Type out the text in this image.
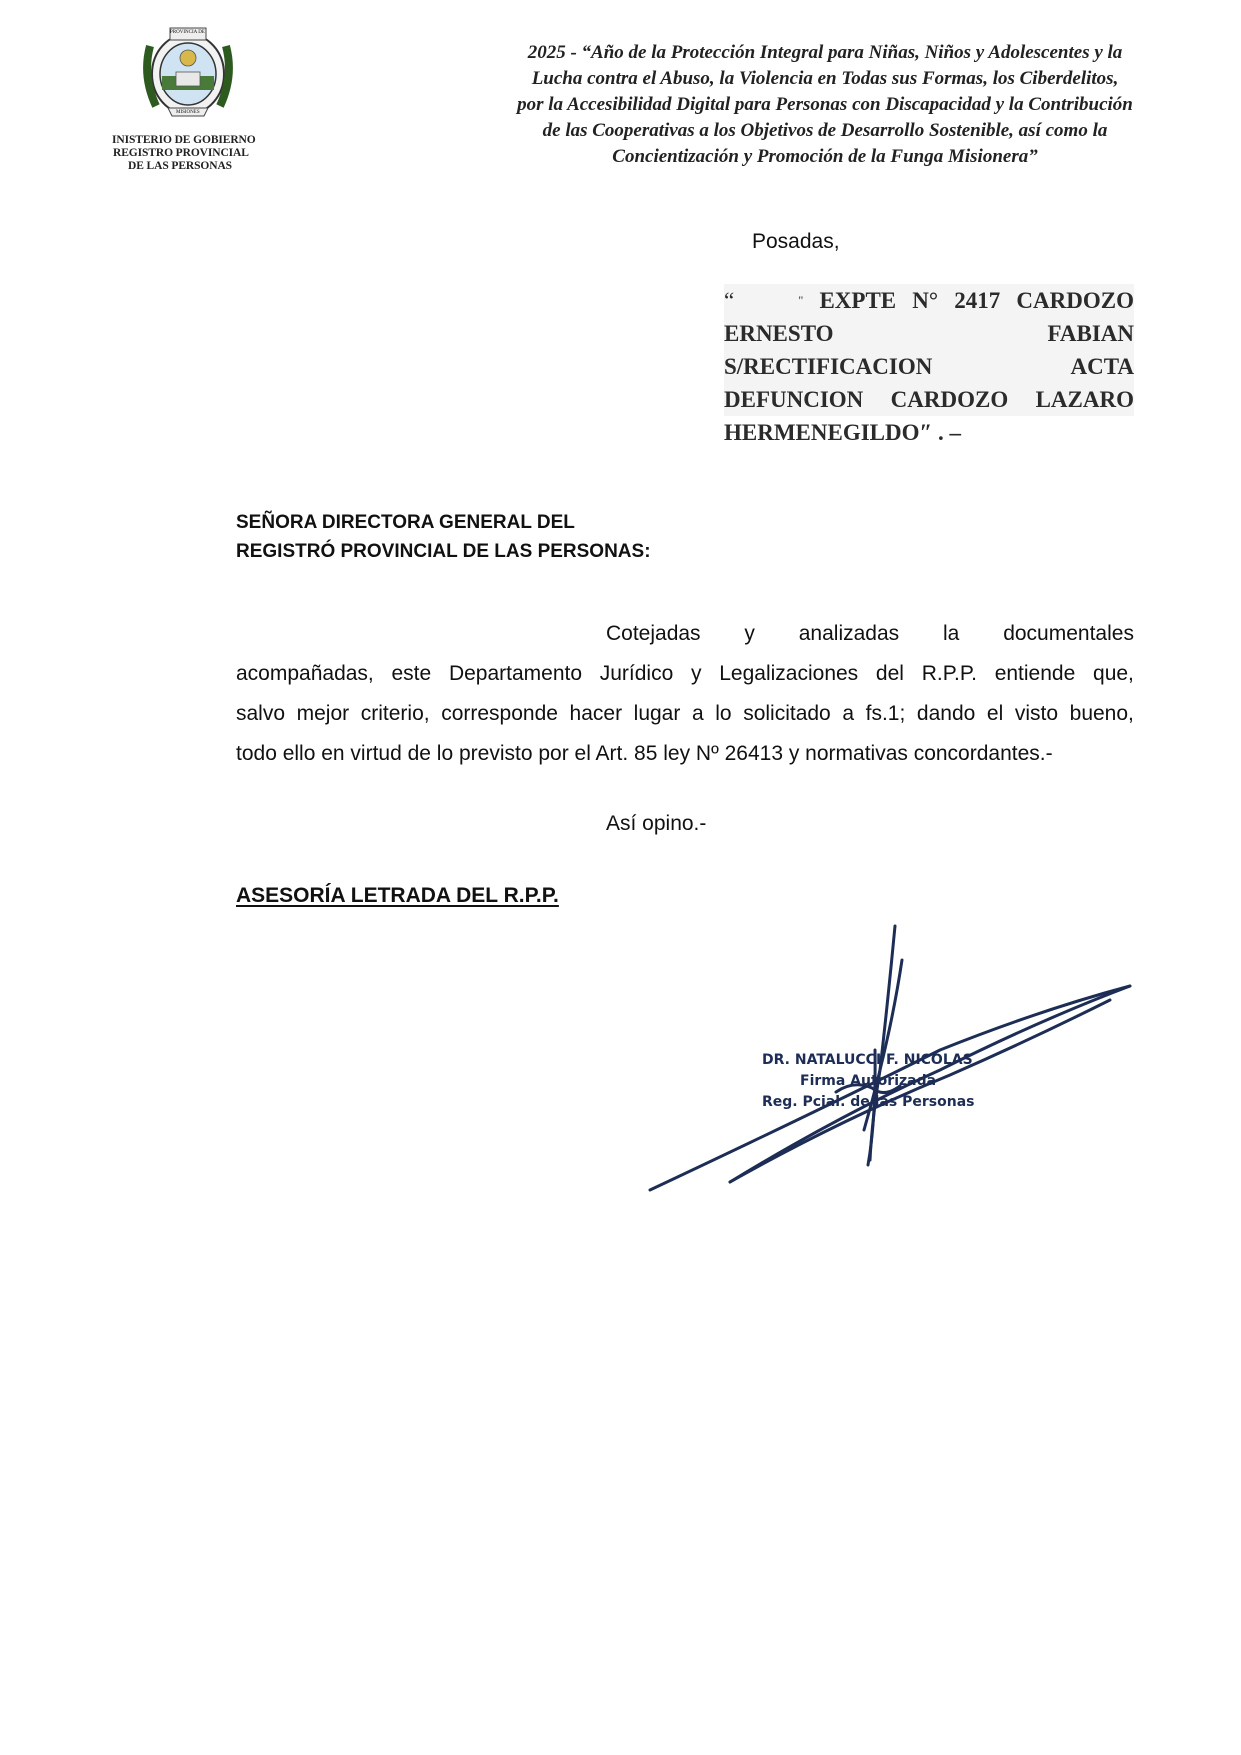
PROVINCIA DE
MISIONES
INISTERIO DE GOBIERNO
REGISTRO PROVINCIAL
DE LAS PERSONAS
2025 - “Año de la Protección Integral para Niñas, Niños y Adolescentes y la
Lucha contra el Abuso, la Violencia en Todas sus Formas, los Ciberdelitos,
por la Accesibilidad Digital para Personas con Discapacidad y la Contribución
de las Cooperativas a los Objetivos de Desarrollo Sostenible, así como la
Concientización y Promoción de la Funga Misionera”
Posadas,
“	" EXPTE N° 2417 CARDOZO
ERNESTO	FABIAN
S/RECTIFICACION	ACTA
DEFUNCION CARDOZO LAZARO
HERMENEGILDO″ . –
SEÑORA DIRECTORA GENERAL DEL
REGISTRÓ PROVINCIAL DE LAS PERSONAS:
Cotejadas y analizadas la documentales
acompañadas, este Departamento Jurídico y Legalizaciones del R.P.P. entiende que,
salvo mejor criterio, corresponde hacer lugar a lo solicitado a fs.1; dando el visto bueno,
todo ello en virtud de lo previsto por el Art. 85 ley Nº 26413 y normativas concordantes.-
Así opino.-
ASESORÍA LETRADA DEL R.P.P.
DR. NATALUCCI F. NICOLAS
Firma Autorizada
Reg. Pcial. de las Personas
